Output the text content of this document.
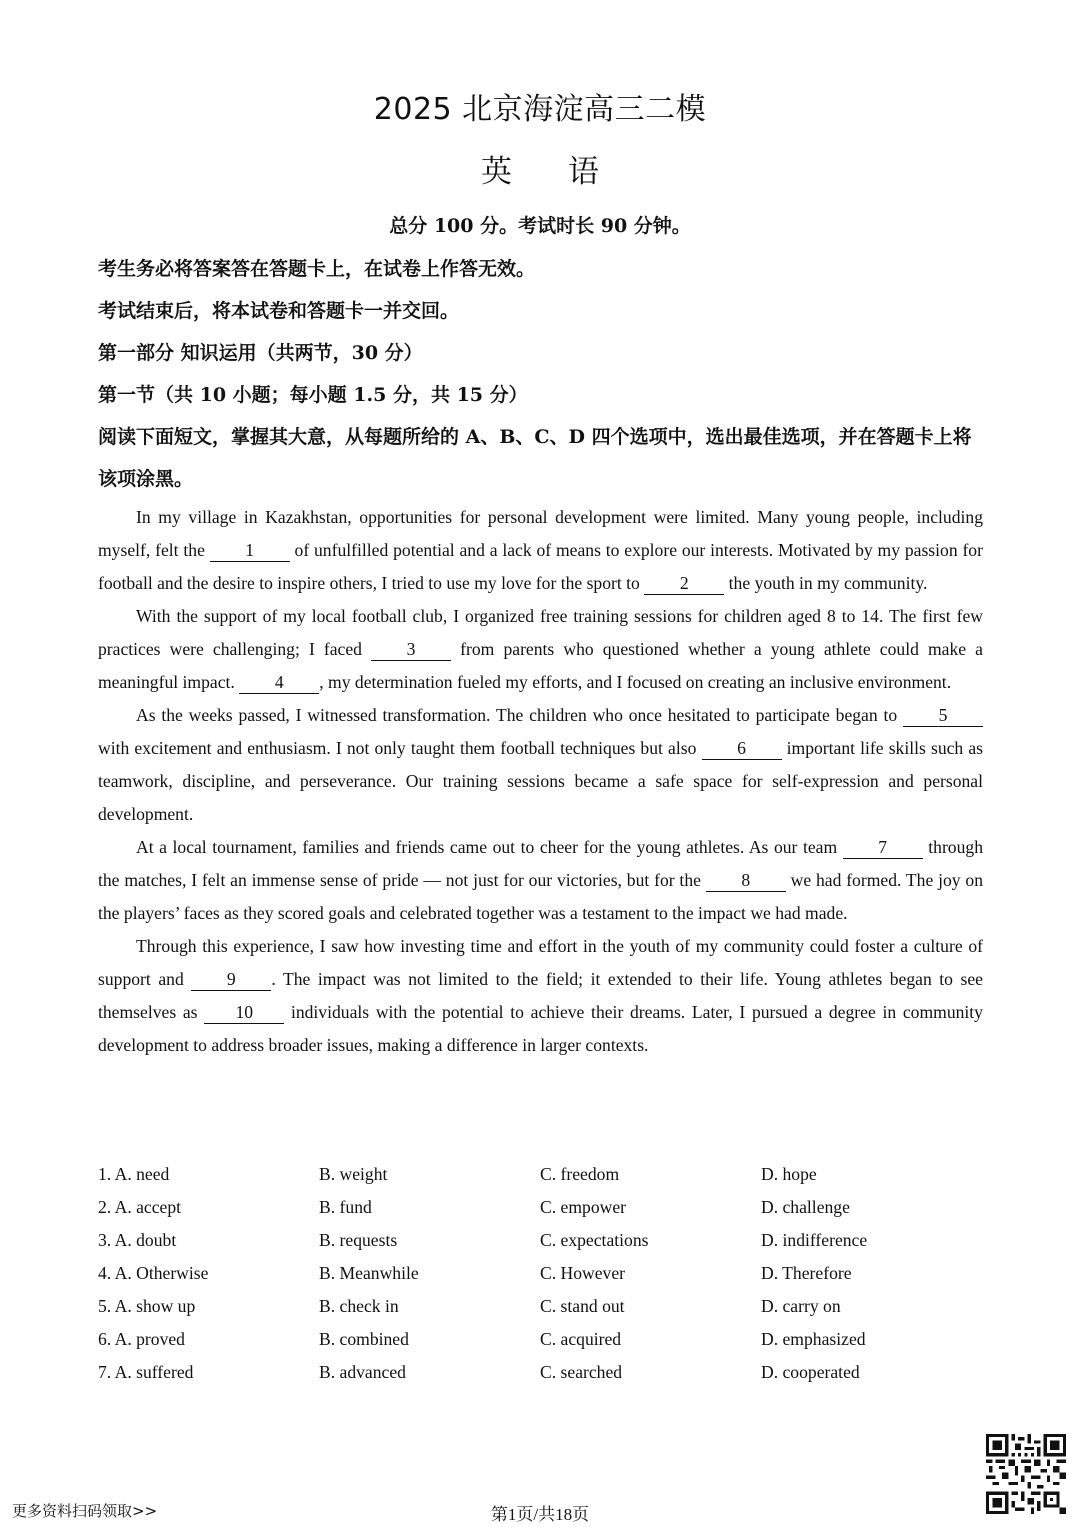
2025 北京海淀高三二模
英语
总分 100 分。考试时长 90 分钟。
考生务必将答案答在答题卡上，在试卷上作答无效。
考试结束后，将本试卷和答题卡一并交回。
第一部分 知识运用（共两节，30 分）
第一节（共 10 小题；每小题 1.5 分，共 15 分）
阅读下面短文，掌握其大意，从每题所给的 A、B、C、D 四个选项中，选出最佳选项，并在答题卡上将该项涂黑。

In my village in Kazakhstan, opportunities for personal development were limited. Many young people, including myself, felt the 1 of unfulfilled potential and a lack of means to explore our interests. Motivated by my passion for football and the desire to inspire others, I tried to use my love for the sport to 2 the youth in my community.

With the support of my local football club, I organized free training sessions for children aged 8 to 14. The first few practices were challenging; I faced	3	from parents who questioned whether a young athlete could make a meaningful impact. 4 , my determination fueled my efforts, and I focused on creating an inclusive environment.

As the weeks passed, I witnessed transformation. The children who once hesitated to participate began to 5 with excitement and enthusiasm. I not only taught them football techniques but also 6 important life skills such as teamwork, discipline, and perseverance. Our training sessions became a safe space for self-expression and personal development.

At a local tournament, families and friends came out to cheer for the young athletes. As our team 7 through the matches, I felt an immense sense of pride — not just for our victories, but for the 8 we had formed. The joy on the players’ faces as they scored goals and celebrated together was a testament to the impact we had made.

Through this experience, I saw how investing time and effort in the youth of my community could foster a culture of support and 9 . The impact was not limited to the field; it extended to their life. Young athletes began to see themselves as 10 individuals with the potential to achieve their dreams. Later, I pursued a degree in community development to address broader issues, making a difference in larger contexts.

1. A. need	B. weight	C. freedom	D. hope
2. A. accept	B. fund	C. empower	D. challenge
3. A. doubt	B. requests	C. expectations	D. indifference
4. A. Otherwise	B. Meanwhile	C. However	D. Therefore
5. A. show up	B. check in	C. stand out	D. carry on
6. A. proved	B. combined	C. acquired	D. emphasized
7. A. suffered	B. advanced	C. searched	D. cooperated
更多资料扫码领取>>	第1页/共18页
